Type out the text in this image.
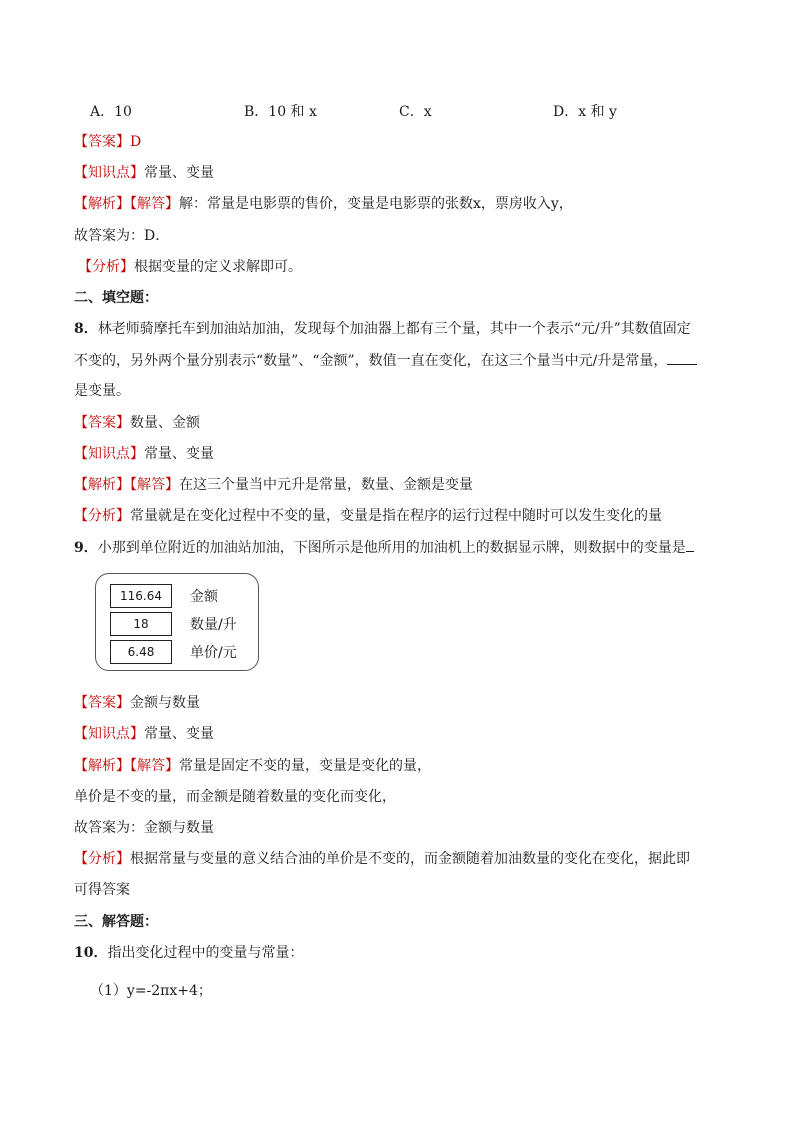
A．10	B．10 和 x	C．x	D．x 和 y
【答案】D
【知识点】常量、变量
【解析】【解答】解：常量是电影票的售价，变量是电影票的张数x，票房收入y，
故答案为：D．
【分析】根据变量的定义求解即可。
二、填空题：
8．林老师骑摩托车到加油站加油，发现每个加油器上都有三个量，其中一个表示“元/升”其数值固定
不变的，另外两个量分别表示“数量”、“金额”，数值一直在变化，在这三个量当中元/升是常量，
是变量。
【答案】数量、金额
【知识点】常量、变量
【解析】【解答】在这三个量当中元升是常量，数量、金额是变量
【分析】常量就是在变化过程中不变的量，变量是指在程序的运行过程中随时可以发生变化的量
9．小那到单位附近的加油站加油，下图所示是他所用的加油机上的数据显示牌，则数据中的变量是
116.64	金额
18	数量/升
6.48	单价/元
【答案】金额与数量
【知识点】常量、变量
【解析】【解答】常量是固定不变的量，变量是变化的量，
单价是不变的量，而金额是随着数量的变化而变化，
故答案为：金额与数量
【分析】根据常量与变量的意义结合油的单价是不变的，而金额随着加油数量的变化在变化，据此即
可得答案
三、解答题：
10．指出变化过程中的变量与常量：
（1）y=-2πx+4；
